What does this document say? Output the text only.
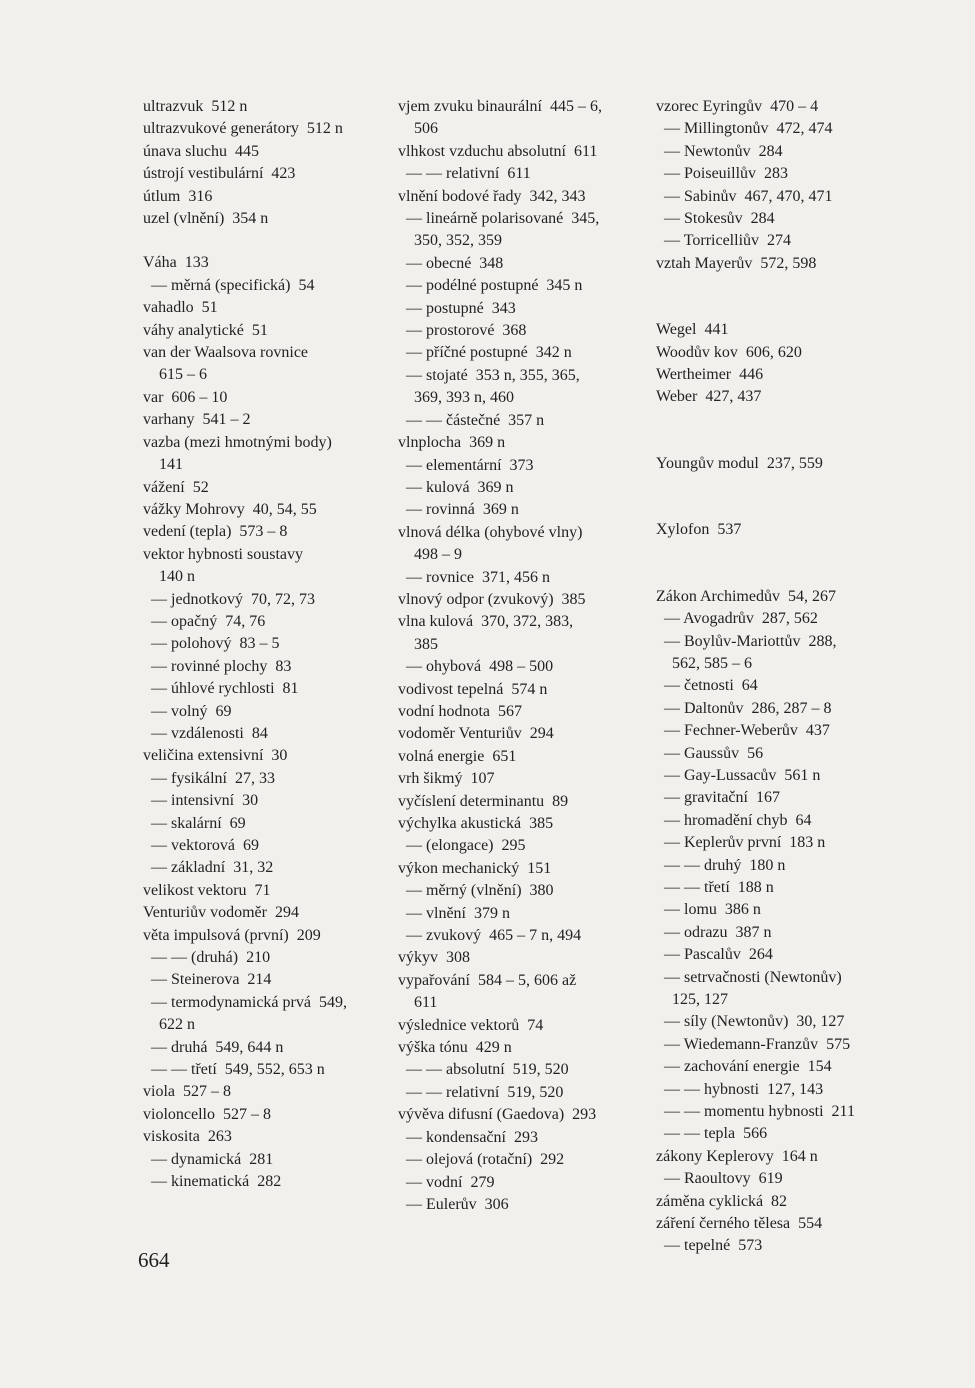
ultrazvuk  512 n
ultrazvukové generátory  512 n
únava sluchu  445
ústrojí vestibulární  423
útlum  316
uzel (vlnění)  354 n
Váha  133
— měrná (specifická)  54
vahadlo  51
váhy analytické  51
van der Waalsova rovnice
615 – 6
var  606 – 10
varhany  541 – 2
vazba (mezi hmotnými body)
141
vážení  52
vážky Mohrovy  40, 54, 55
vedení (tepla)  573 – 8
vektor hybnosti soustavy
140 n
— jednotkový  70, 72, 73
— opačný  74, 76
— polohový  83 – 5
— rovinné plochy  83
— úhlové rychlosti  81
— volný  69
— vzdálenosti  84
veličina extensivní  30
— fysikální  27, 33
— intensivní  30
— skalární  69
— vektorová  69
— základní  31, 32
velikost vektoru  71
Venturiův vodoměr  294
věta impulsová (první)  209
— — (druhá)  210
— Steinerova  214
— termodynamická prvá  549,
622 n
— druhá  549, 644 n
— — třetí  549, 552, 653 n
viola  527 – 8
violoncello  527 – 8
viskosita  263
— dynamická  281
— kinematická  282
vjem zvuku binaurální  445 – 6,
506
vlhkost vzduchu absolutní  611
— — relativní  611
vlnění bodové řady  342, 343
— lineárně polarisované  345,
350, 352, 359
— obecné  348
— podélné postupné  345 n
— postupné  343
— prostorové  368
— příčné postupné  342 n
— stojaté  353 n, 355, 365,
369, 393 n, 460
— — částečné  357 n
vlnplocha  369 n
— elementární  373
— kulová  369 n
— rovinná  369 n
vlnová délka (ohybové vlny)
498 – 9
— rovnice  371, 456 n
vlnový odpor (zvukový)  385
vlna kulová  370, 372, 383,
385
— ohybová  498 – 500
vodivost tepelná  574 n
vodní hodnota  567
vodoměr Venturiův  294
volná energie  651
vrh šikmý  107
vyčíslení determinantu  89
výchylka akustická  385
— (elongace)  295
výkon mechanický  151
— měrný (vlnění)  380
— vlnění  379 n
— zvukový  465 – 7 n, 494
výkyv  308
vypařování  584 – 5, 606 až
611
výslednice vektorů  74
výška tónu  429 n
— — absolutní  519, 520
— — relativní  519, 520
vývěva difusní (Gaedova)  293
— kondensační  293
— olejová (rotační)  292
— vodní  279
— Eulerův  306
vzorec Eyringův  470 – 4
— Millingtonův  472, 474
— Newtonův  284
— Poiseuillův  283
— Sabinův  467, 470, 471
— Stokesův  284
— Torricelliův  274
vztah Mayerův  572, 598
Wegel  441
Woodův kov  606, 620
Wertheimer  446
Weber  427, 437
Youngův modul  237, 559
Xylofon  537
Zákon Archimedův  54, 267
— Avogadrův  287, 562
— Boylův-Mariottův  288,
562, 585 – 6
— četnosti  64
— Daltonův  286, 287 – 8
— Fechner-Weberův  437
— Gaussův  56
— Gay-Lussacův  561 n
— gravitační  167
— hromadění chyb  64
— Keplerův první  183 n
— — druhý  180 n
— — třetí  188 n
— lomu  386 n
— odrazu  387 n
— Pascalův  264
— setrvačnosti (Newtonův)
125, 127
— síly (Newtonův)  30, 127
— Wiedemann-Franzův  575
— zachování energie  154
— — hybnosti  127, 143
— — momentu hybnosti  211
— — tepla  566
zákony Keplerovy  164 n
— Raoultovy  619
záměna cyklická  82
záření černého tělesa  554
— tepelné  573
664
